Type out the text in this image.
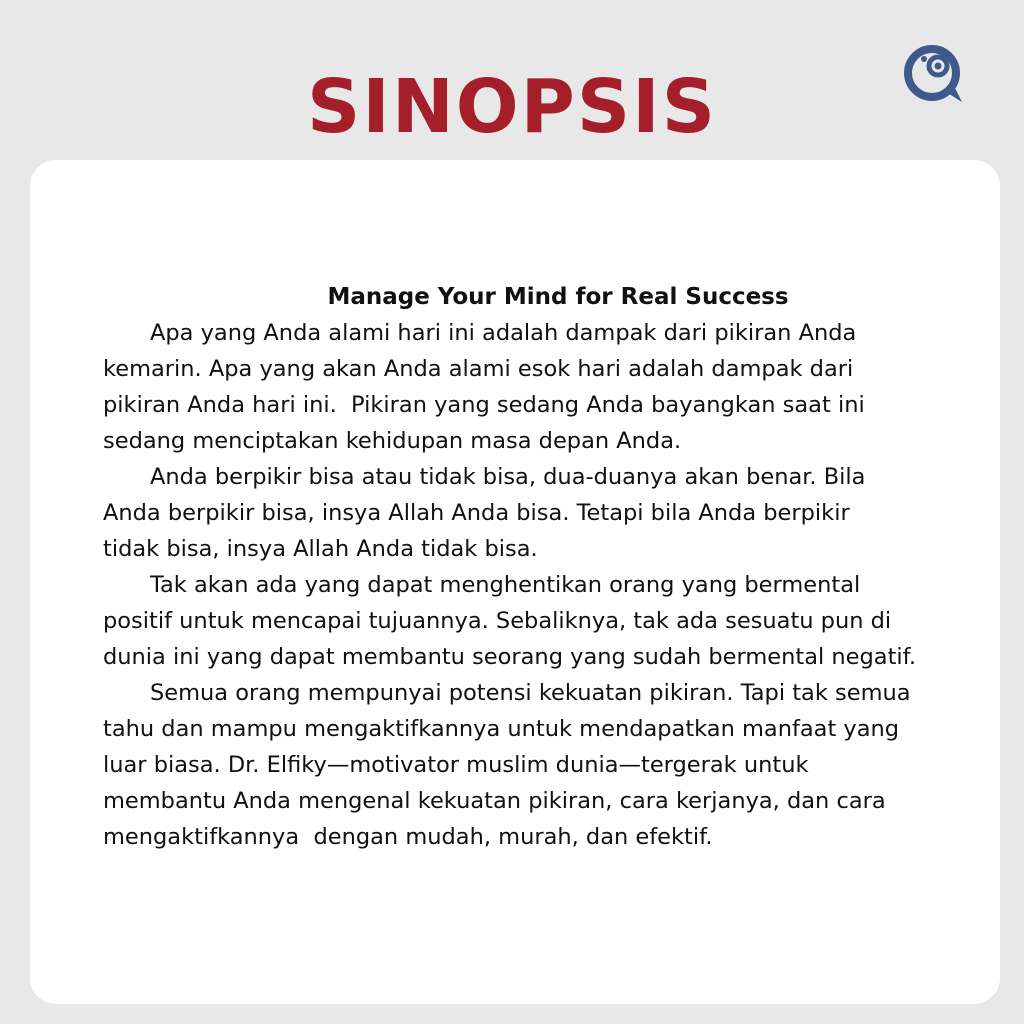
SINOPSIS
Manage Your Mind for Real Success

Apa yang Anda alami hari ini adalah dampak dari pikiran Anda
kemarin. Apa yang akan Anda alami esok hari adalah dampak dari
pikiran Anda hari ini.  Pikiran yang sedang Anda bayangkan saat ini
sedang menciptakan kehidupan masa depan Anda.

Anda berpikir bisa atau tidak bisa, dua-duanya akan benar. Bila
Anda berpikir bisa, insya Allah Anda bisa. Tetapi bila Anda berpikir
tidak bisa, insya Allah Anda tidak bisa.

Tak akan ada yang dapat menghentikan orang yang bermental
positif untuk mencapai tujuannya. Sebaliknya, tak ada sesuatu pun di
dunia ini yang dapat membantu seorang yang sudah bermental negatif.

Semua orang mempunyai potensi kekuatan pikiran. Tapi tak semua
tahu dan mampu mengaktifkannya untuk mendapatkan manfaat yang
luar biasa. Dr. Elfiky—motivator muslim dunia—tergerak untuk
membantu Anda mengenal kekuatan pikiran, cara kerjanya, dan cara
mengaktifkannya  dengan mudah, murah, dan efektif.
